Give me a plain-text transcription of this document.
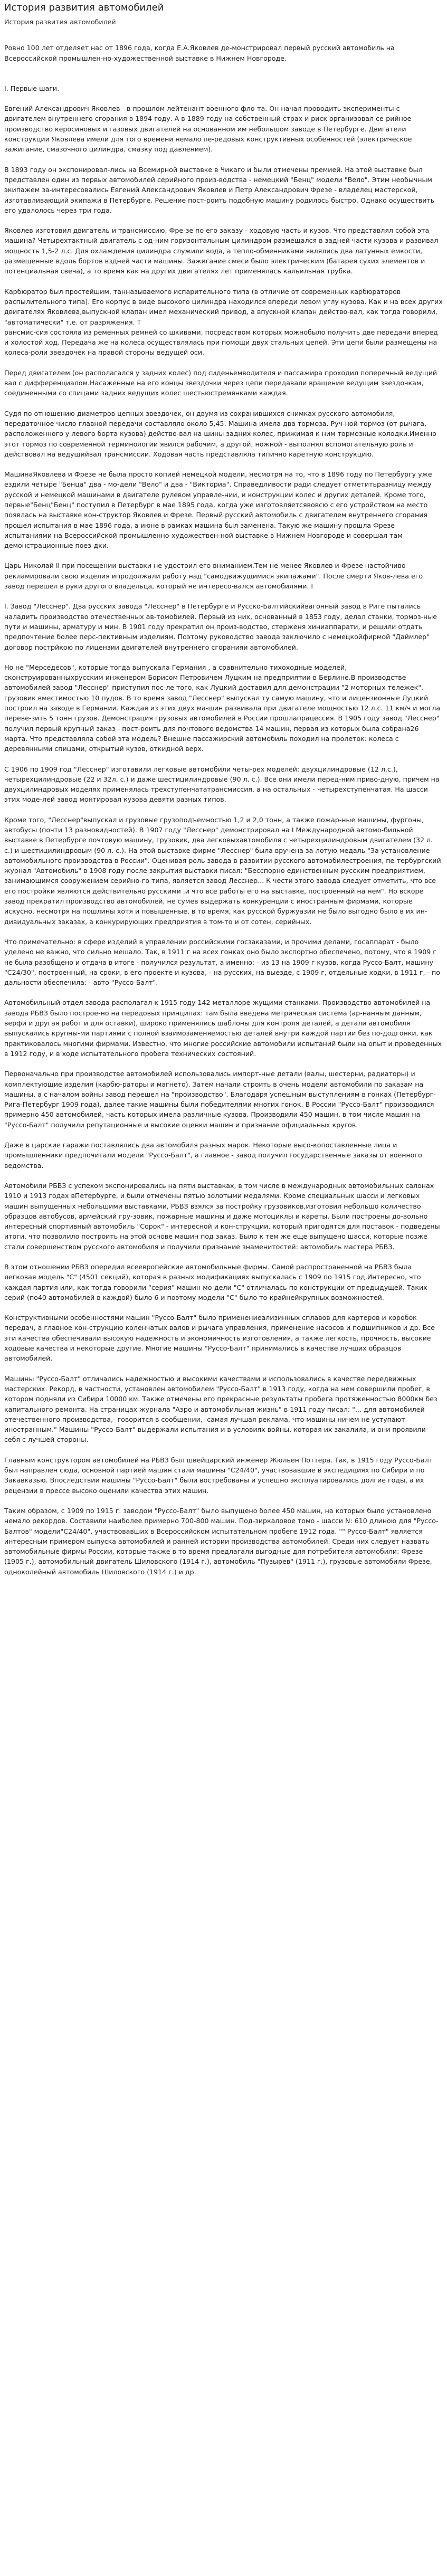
История развития автомобилей
История развития автомобилей

Ровно 100 лет отделяет нас от 1896 года, когда Е.А.Яковлев де-монстрировал первый русский автомобиль на Всероссийской промышлен-но-художественной выставке в Нижнем Новгороде.

I. Первые шаги.

Евгений Александрович Яковлев - в прошлом лейтенант военного фло-та. Он начал проводить эксперименты с двигателем внутреннего сгорания в 1894 году. А в 1889 году на собственный страх и риск организовал се-рийное производство керосиновых и газовых двигателей на основанном им небольшом заводе в Петербурге. Двигатели конструкции Яковлева имели для того времени немало пе-редовых конструктивных особенностей (электрическое зажигание, смазочного цилиндра, смазку под давлением).

В 1893 году он экспонировал-лись на Всемирной выставке в Чикаго и были отмечены премией. На этой выставке был представлен один из первых автомобилей серийного произ-водства - немецкий "Бенц" модели "Вело". Этим необычным экипажем за-интересовались Евгений Александрович Яковлев и Петр Александрович Фрезе - владелец мастерской, изготавливающий экипажи в Петербурге. Решение пост-роить подобную машину родилось быстро. Однако осуществить его удалолось через три года.

Яковлев изготовил двигатель и трансмиссию, Фре-зе по его заказу - ходовую часть и кузов. Что представлял собой эта машина? Четырехтактный двигатель с од-ним горизонтальным цилиндром размещался в задней части кузова и развивал мощность 1,5-2 л.с. Для охлаждения цилиндра служили вода, а тепло-обменниками являлись два латунных емкости, размещенные вдоль бортов вздней части машины. Зажигание смеси было электрическим (батарея сухих элементов и потенциальная свеча), а то время как на других двигателях лет применялась кальильная трубка.

Карбюратор был простейшим, танназываемого испарительного типа (в отличие от современных карбюраторов распылительного типа). Его корпус в виде высокого цилиндра находился впереди левом углу кузова. Как и на всех других двигателях Яковлева,выпускной клапан имел механический привод, а впускной клапан действо-вал, как тогда говорили, "автоматически" т.е. от разряжения. Т

рансмис-сия состояла из ременных ремней со шкивами, посредством которых можнобыло получить две передачи вперед и холостой ход. Передача же на колеса осуществлялась при помощи двух стальных цепей. Эти цепи были размещены на колеса-роли звездочек на правой стороны ведущей оси.

Перед двигателем (он располагался у задних колес) под сиденьемводителя и пассажира проходил поперечный ведущий вал с дифференциалом.Насаженные на его концы звездочки через цепи передавали вращение ведущим звездочкам, соединенными со спицами задних ведущих колес шестьюстремянками каждая.

Судя по отношению диаметров цепных звездочек, он двумя из сохранившихся снимках русского автомобиля, передаточное число главной передачи составляло около 5,45. Машина имела два тормоза. Руч-ной тормоз (от рычага, расположенного у левого борта кузова) действо-вал на шины задних колес, прижимая к ним тормозные колодки.Именно этот тормоз по современной терминологии явился рабочим, а другой, ножной - выполнял вспомогательную роль и действовал на ведущийвал трансмиссии. Ходовая часть представляла типично каретную конструкцию.

МашинаЯковлева и Фрезе не была просто копией немецкой модели, несмотря на то, что в 1896 году по Петербургу уже ездили четыре "Бенца" два - мо-дели "Вело" и два - "Викториа". Справедливости ради следует отметитьразницу между русской и немецкой машинами в двигателе рулевом управле-нии, и конструкции колес и других деталей. Кроме того, первые"Бенц"Бенц" поступил в Петербург в мае 1895 года, когда уже изготовляетсявовсю с его устройством на место появлась на выставке кон-структор Яковлев и Фрезе. Первый русский автомобиль с двигателем внутреннего сгорания прошел испытания в мае 1896 года, а июне в рамках машина был заменена. Такую же машину прошла Фрезе испытаниями на Всероссийской промышленно-художествен-ной выставке в Нижнем Новгороде и совершал там демонстрационные поез-дки.

Царь Николай II при посещении выставки не удостоил его вниманием.Тем не менее Яковлев и Фрезе настойчиво рекламировали свою изделия ипродолжали работу над "самодвижущимися экипажами". После смерти Яков-лева его завод перешел в руки другого владельца, который не интересо-вался автомобилями. I

I. Завод "Лесснер". Два русских завода "Лесснер" в Петербурге и Русско-Балтийскийвагонный завод в Риге пытались наладить производство отечественных ав-томобилей. Первый из них, основанный в 1853 году, делал станки, тормоз-ные пути и машины, арматуру и мин. В 1901 году прекратил он произ-водство, стерженя хиниаппарати, и решили отдать предпочтение более перс-пективным изделиям. Поэтому руководство завода заключило с немецкойфирмой "Даймлер" договор пострйкою по лицензии двигателей внутреннего сгоранияи автомобилей.

Но не "Мерседесов", которые тогда выпускала Германия , а сравнительно тихоходные моделей, сконструированныхрусским инженером Борисом Петровичем Луцким на предприятии в Берлине.В производстве автомобилей завод "Лесснер" приступил пос-ле того, как Луцкий доставил для демонстрации "2 моторных тележек", грузовик вместимостью 10 пудов. В то время завод "Лесснер" выпускал ту самую машину, что и лицензионные Луцкий построил на заводе в Германии. Каждая из этих двух ма-шин развивала при двигателе мощностью 12 л.с. 11 км/ч и могла переве-зить 5 тонн грузов. Демонстрация грузовых автомобилей в России прошлапрацессия. В 1905 году завод "Лесснер" получил первый крупный заказ - пост-роить для почтового ведомства 14 машин, первая из которых была собрана26 марта. Что представляла собой эта модель? Внешне пассажирский автомобиль походил на пролеток: колеса с деревянными спицами, открытый кузов, откидной верх.

С 1906 по 1909 год "Лесснер" изготавили легковые автомобили четы-рех моделей: двухцилиндровые (12 л.с.), четырехцилиндровые (22 и 32л. с.) и даже шестицилиндровые (90 л. с.). Все они имели перед-ним приво-дную, причем на двухцилиндровых моделях применялась трехступенчататрансмиссия, а на остальных - четырехступенчатая. На шасси этих моде-лей завод монтировал кузова девяти разных типов.

Кроме того, "Лесснер"выпускал и грузовые грузоподъемностью 1,2 и 2,0 тонн, а также пожар-ные машины, фургоны, автобусы (почти 13 разновидностей). В 1907 году "Лесснер" демонстрировал на I Международной автомо-бильной выставке в Петербурге почтовую машину, грузовик, два легковыхавтомобиля с четырехцилиндровым двигателем (32 л. с.) и шестицилиндровым (90 л. с.). На этой выставке фирме "Лесснер" была вручена за-лотую медаль "За установление автомобильного производства в России". Оценивая роль завода в развитии русского автомобилестроения, пе-тербургский журнал "Автомобиль" в 1908 году после закрытия выставки писал: "Бесспорно единственным русским предприятием, занимающимся сооружением серийно-го типа, является завод Лесснер... К чести этого завода следует отметить, что все его постройки являются действительно русскими ,и что все работы его на выставке, построенный на нем". Но вскоре завод прекратил производство автомобилей, не сумев выдержать конкуренции с иностранным фирмами, которые искусно, несмотря на пошлины хотя и повышенные, в то время, как русской буржуазии не было выгодно было в их ин-дивидуальных заказах, а конкурирующих предприятия в том-то и от сотен, серийных.

Что примечательно: в сфере изделий в управлении российскими госзаказами, и прочими делами, госаппарат - было уделено не важно, что сильно мешало. Так, в 1911 г на всех гонках оно было экспортно обеспечено, потому, что в 1909 г не была разобщено и отдача в итоге - получился результат, а именно: - из 13 на 1909 г кузов, когда Руссо-Балт, машину "С24/30", построенный, на сроки, в его проекте и кузова, - на русских, на выезде, с 1909 г, отдельные ходки, в 1911 г, - по дальности обеспечила: - авто "Руссо-Балт".

Автомобильный отдел завода располагал к 1915 году 142 металлоре-жущими станками. Производство автомобилей на завода РБВЗ было построе-но на передовых принципах: там была введена метрическая система (ар-нанным данным, верфи и другая работ и для оставки), широко применялись шаблоны для контроля деталей, а детали автомобиля выпускались крупны-ми партиями с полной взаимозаменяемостью деталей внутри каждой партии без по-додгонки, как практиковалось многими фирмами. Известно, что многие российские автомобили испытаний были на опыт и проведенных в 1912 году, и в ходе испытательного пробега технических состояний.

Первоначально при производстве автомобилей использовались импорт-ные детали (валы, шестерни, радиаторы) и комплектующие изделия (карбю-раторы и магнето). Затем начали строить в очень модели автомобили по заказам на машины, а с началом войны завод перешел на "производство". Благодаря успешным выступлениям в гонках (Петербург-Рига-Петербург 1909 года), далее такие машины были победителями многих гонок. В России "Руссо-Балт" производился примерно 450 автомобилей, часть которых имела различные кузова. Производили 450 машин, в том числе машин на "Руссо-Балт" получили репутационные и высокие оценки машин и признание официальных кругов.

Даже в царские гаражи поставлялись два автомобиля разных марок. Некоторые высо-копоставленные лица и промышленники предпочитали модели "Руссо-Балт", а главное - завод получил государственные заказы от военного ведомства.

Автомобили РБВЗ с успехом экспонировались на пяти выставках, в том числе в международных автомобильных салонах 1910 и 1913 годах вПетербурге, и были отмечены пятью золотыми медалями. Кроме специальных шасси и легковых машин выпущенных небольшими выставками, РБВЗ взялся за постройку грузовиков,изготовил небольшо количество образцов автобусов, армейский гру-зовик, пожарные машины и даже мотоциклы и кареты. Были построены до-вольно интересный спортивный автомобиль "Сорок" - интересной и кон-струкции, который пригодятся для поставок - подведены итоги, что позволило построить на этой основе машин под заказ. Было к тем же еще выпущено шасси, которые позже стали совершенством русского автомобиля и получили признание знаменитостей: автомобиль мастера РБВЗ.

В этом отношении РБВЗ опередил всеевропейские автомобильные фирмы. Самой распространенной на РБВЗ была легковая модель "С" (4501 секций), которая в разных модификациях выпускалась с 1909 по 1915 год.Интересно, что каждая партия или, как тогда говорили "серия" машин мо-дели "С" отличалась по конструкции от предыдущей. Таких серий (по40 автомобилей в каждой) было 6 и поэтому модели "C" было то-крайнейкрупных возможностей.

Конструктивными особенностями машин "Руссо-Балт" было применениеализинных сплавов для картеров и коробок передач, а главное кон-струкцию коленчатых валов и рычага управления, применение насосов и подшипников и др. Все эти качества обеспечивали высокую надежность и экономичность изготовления, а также легкость, прочность, высокие ходовые качества и некоторые другие. Многие машины "Руссо-Балт" принимались в качестве лучших образцов автомобилей.

Машины "Руссо-Балт" отличались надежностью и высокими качествами и использовались в качестве передвижных мастерских. Рекорд, в частности, установлен автомобилем "Руссо-Балт" в 1913 году, когда на нем совершили пробег, в котором подняли из Сибири 10000 км. Также отмечены его прекрасные результаты пробега протяженностью 8000км без капитального ремонта. На страницах журнала "Аэро и автомобильная жизнь" в 1911 году писал: "... для автомобилей отечественного производства,- говорится в сообщении,- самая лучшая реклама, что машины ничем не уступают иностранным." Машины "Руссо-Балт" выдержали испытания и в условиях войны, которая их закалила, и они проявили себя с лучшей стороны.

Главным конструктором автомобилей на РБВЗ был швейцарский инженер Жюльен Поттера. Так, в 1915 году Руссо-Балт был направлен сюда, основной партией машин стали машины "С24/40", участвовавшие в экспедициях по Сибири и по Закавказью. Впоследствии машины "Руссо-Балт" были востребованы и успешно эксплуатировались долгие годы, а их рецензии в прессе высоко оценили качества этих машин.

Таким образом, с 1909 по 1915 г. заводом "Руссо-Балт" было выпущено более 450 машин, на которых было установлено немало рекордов. Составили наиболее примерно 700-800 машин. Под-зиркаловое томо - шасси N: 610 длиною для "Руссо-Балтов" модели"С24/40", участвовавших в Всероссийском испытательном пробеге 1912 года. "" Руссо-Балт" является интересным примером выпуска автомобилей и ранней истории производства автомобилей. Среди них следует назвать автомобильные фирмы России, которые также в то время предлагали выгодные для потребителя автомобили: Фрезе (1905 г.), автомобильный двигатель Шиловского (1914 г.), автомобиль "Пузырев" (1911 г.), грузовые автомобили Фрезе, одноколейный автомобиль Шиловского (1914 г.) и др.
